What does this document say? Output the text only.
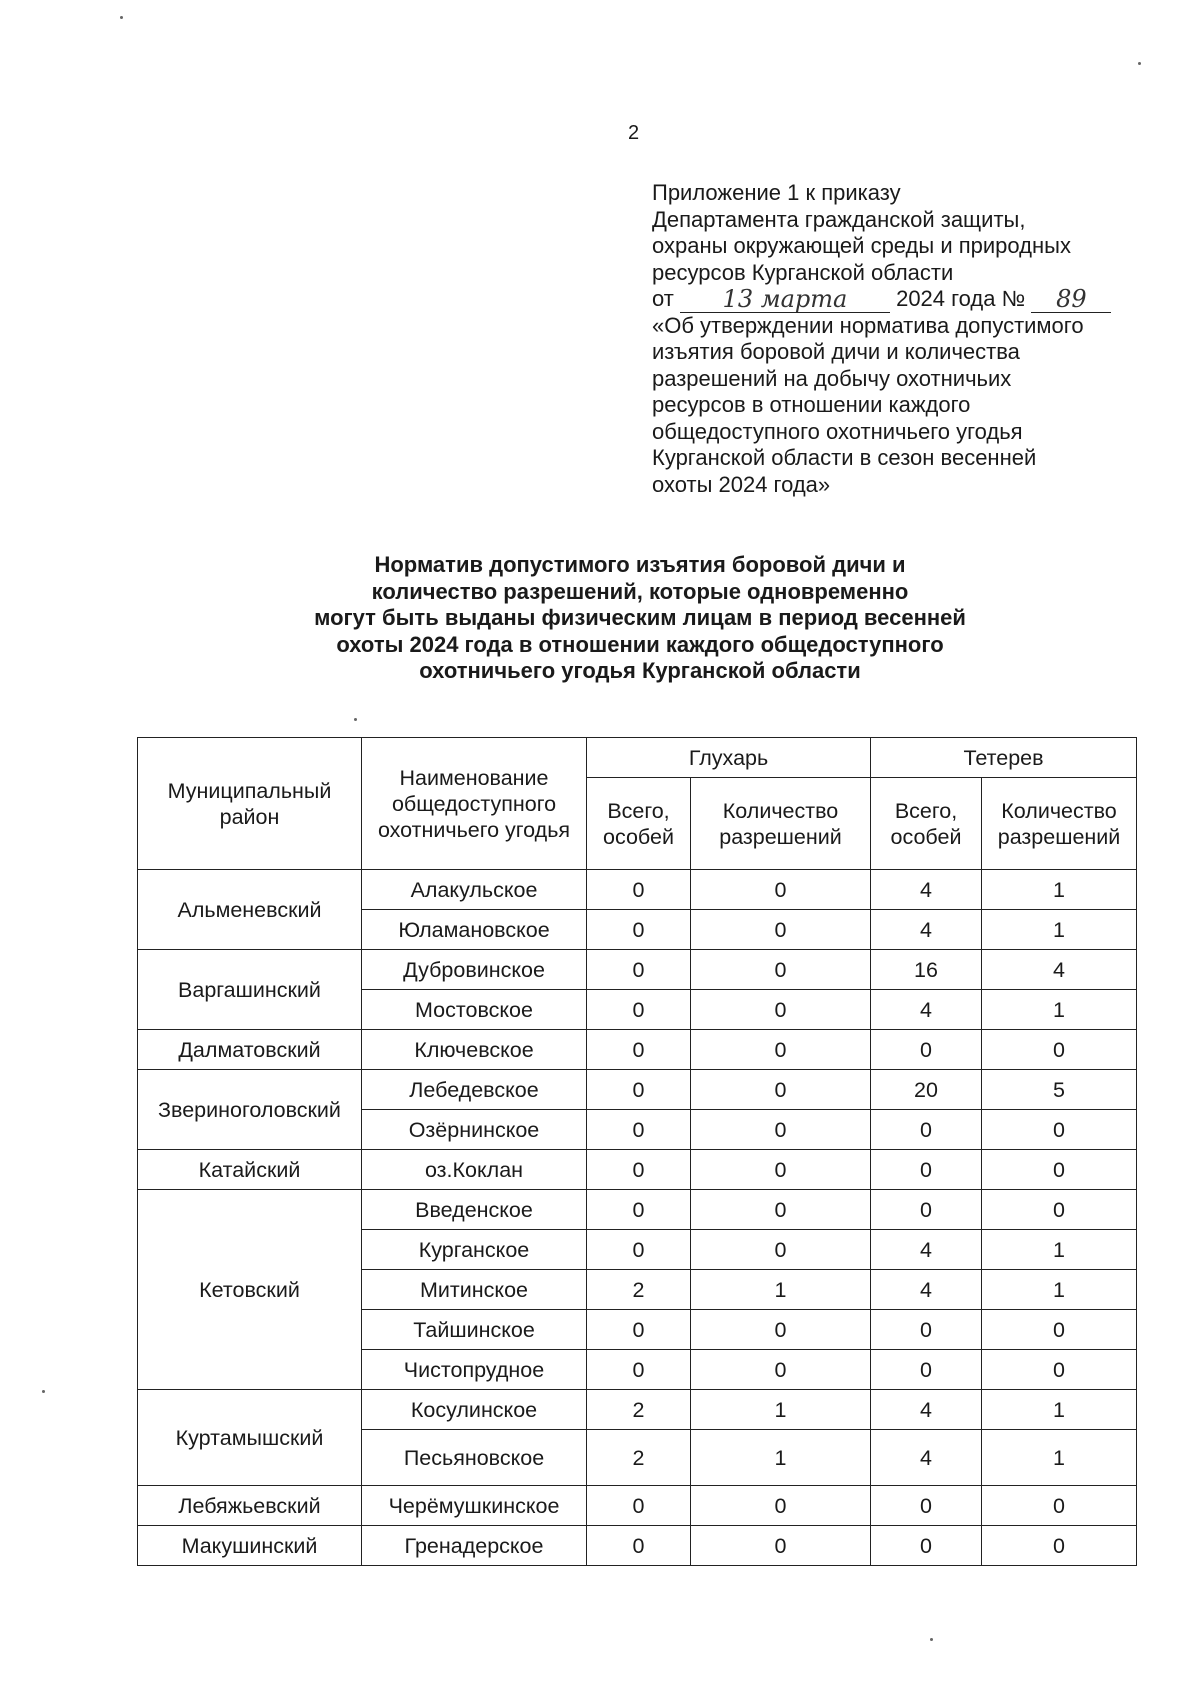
2
Приложение 1 к приказу
Департамента гражданской защиты,
охраны окружающей среды и природных
ресурсов Курганской области
от 13 марта 2024 года № 89
«Об утверждении норматива допустимого
изъятия боровой дичи и количества
разрешений на добычу охотничьих
ресурсов в отношении каждого
общедоступного охотничьего угодья
Курганской области в сезон весенней
охоты 2024 года»
Норматив допустимого изъятия боровой дичи и
количество разрешений, которые одновременно
могут быть выданы физическим лицам в период весенней
охоты 2024 года в отношении каждого общедоступного
охотничьего угодья Курганской области
Муниципальный район	Наименование общедоступного охотничьего угодья	Глухарь		Тетерев	
		Всего, особей	Количество разрешений	Всего, особей	Количество разрешений
Альменевский	Алакульское	0	0	4	1
	Юламановское	0	0	4	1
Варгашинский	Дубровинское	0	0	16	4
	Мостовское	0	0	4	1
Далматовский	Ключевское	0	0	0	0
Звериноголовский	Лебедевское	0	0	20	5
	Озёрнинское	0	0	0	0
Катайский	оз.Коклан	0	0	0	0
Кетовский	Введенское	0	0	0	0
	Курганское	0	0	4	1
	Митинское	2	1	4	1
	Тайшинское	0	0	0	0
	Чистопрудное	0	0	0	0
Куртамышский	Косулинское	2	1	4	1
	Песьяновское	2	1	4	1
Лебяжьевский	Черёмушкинское	0	0	0	0
Макушинский	Гренадерское	0	0	0	0
